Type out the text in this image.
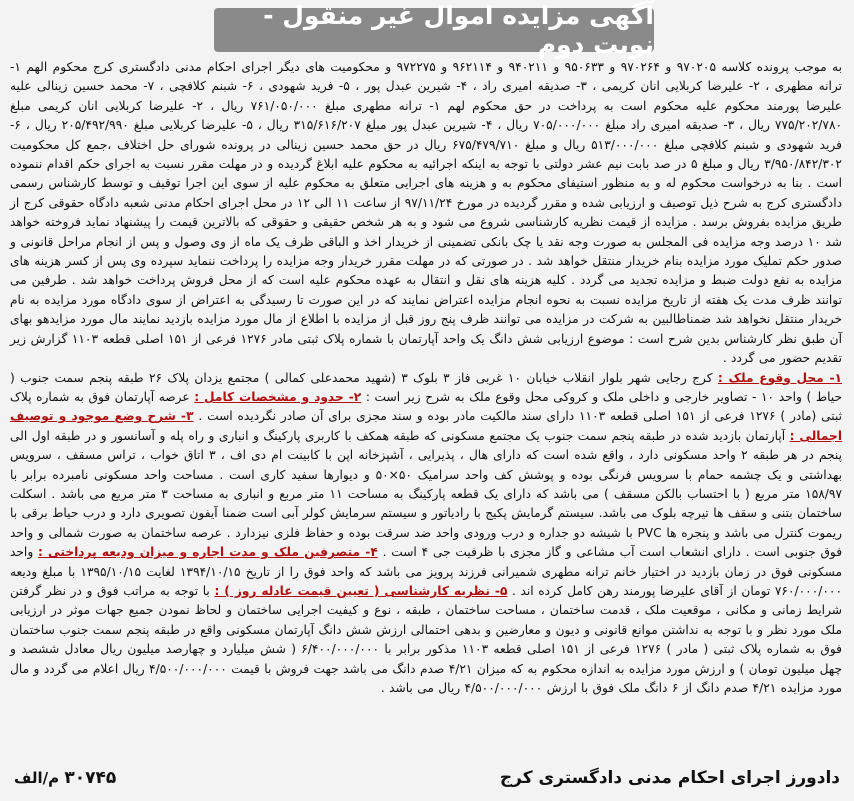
آگهی مزایده اموال غیر منقول - نوبت دوم

به موجب پرونده کلاسه ۹۷۰۲۰۵ و ۹۷۰۲۶۴ و ۹۵۰۶۳۳ و ۹۴۰۲۱۱ و ۹۶۲۱۱۴ و ۹۷۲۲۷۵ و محکومیت های دیگر اجرای احکام مدنی دادگستری کرج محکوم الهم ۱- ترانه مطهری ، ۲- علیرضا کربلایی انان کریمی ، ۳- صدیقه امیری راد ، ۴- شیرین عبدل پور ، ۵- فرید شهودی ، ۶- شبنم کلافچی ، ۷- محمد حسین زینالی علیه علیرضا پورمند محکوم علیه محکوم است به پرداخت در حق محکوم لهم ۱- ترانه مطهری مبلغ ۷۶۱/۰۵۰/۰۰۰ ریال ، ۲- علیرضا کربلایی انان کریمی مبلغ ۷۷۵/۲۰۲/۷۸۰ ریال ، ۳- صدیقه امیری راد مبلغ ۷۰۵/۰۰۰/۰۰۰ ریال ، ۴- شیرین عبدل پور مبلغ ۳۱۵/۶۱۶/۲۰۷ ریال ، ۵- علیرضا کربلایی مبلغ ۲۰۵/۴۹۲/۹۹۰ ریال ، ۶- فرید شهودی و شبنم کلافچی مبلغ ۵۱۳/۰۰۰/۰۰۰ ریال و مبلغ ۶۷۵/۴۷۹/۷۱۰ ریال در حق محمد حسین زینالی در پرونده شورای حل اختلاف ،جمع کل محکومیت ۳/۹۵۰/۸۴۲/۳۰۲ ریال و مبلغ ۵ در صد بابت نیم عشر دولتی با توجه به اینکه اجرائیه به محکوم علیه ابلاغ گردیده و در مهلت مقرر نسبت به اجرای حکم اقدام ننموده است . بنا به درخواست محکوم له و به منظور استیفای محکوم به و هزینه های اجرایی متعلق به محکوم علیه از سوی این اجرا توقیف و توسط کارشناس رسمی دادگستری کرج به شرح ذیل توصیف و ارزیابی شده و مقرر گردیده در مورخ ۹۷/۱۱/۲۴ از ساعت ۱۱ الی ۱۲ در محل اجرای احکام مدنی شعبه دادگاه حقوقی کرج از طریق مزایده بفروش برسد . مزایده از قیمت نظریه کارشناسی شروع می شود و به هر شخص حقیقی و حقوقی که بالاترین قیمت را پیشنهاد نماید فروخته خواهد شد ۱۰ درصد وجه مزایده فی المجلس به صورت وجه نقد یا چک بانکی تضمینی از خریدار اخذ و الباقی ظرف یک ماه از وی وصول و پس از انجام مراحل قانونی و صدور حکم تملیک مورد مزایده بنام خریدار منتقل خواهد شد . در صورتی که در مهلت مقرر خریدار وجه مزایده را پرداخت ننماید سپرده وی پس از کسر هزینه های مزایده به نفع دولت ضبط و مزایده تجدید می گردد . کلیه هزینه های نقل و انتقال به عهده محکوم علیه است که از محل فروش پرداخت خواهد شد . طرفین می توانند ظرف مدت یک هفته از تاریخ مزایده نسبت به نحوه انجام مزایده اعتراض نمایند که در این صورت تا رسیدگی به اعتراض از سوی دادگاه مورد مزایده به نام خریدار منتقل نخواهد شد ضمناطالبین به شرکت در مزایده می توانند ظرف پنج روز قبل از مزایده با اطلاع از مال مورد مزایده بازدید نمایند مال مورد مزایدهو بهای آن طبق نظر کارشناس بدین شرح است : موضوع ارزیابی شش دانگ یک واحد آپارتمان با شماره پلاک ثبتی مادر ۱۲۷۶ فرعی از ۱۵۱ اصلی قطعه ۱۱۰۳ گزارش زیر تقدیم حضور می گردد .

۱- محل وقوع ملک : کرج رجایی شهر بلوار انقلاب خیابان ۱۰ غربی فاز ۳ بلوک ۳ (شهید محمدعلی کمالی ) مجتمع یزدان پلاک ۲۶ طبقه پنجم سمت جنوب ( حیاط ) واحد ۱۰ - تصاویر خارجی و داخلی ملک و کروکی محل وقوع ملک به شرح زیر است : ۲- حدود و مشخصات کامل : عرصه آپارتمان فوق به شماره پلاک ثبتی (مادر ) ۱۲۷۶ فرعی از ۱۵۱ اصلی قطعه ۱۱۰۳ دارای سند مالکیت مادر بوده و سند مجزی برای آن صادر نگردیده است . ۳- شرح وضع موجود و توصیف اجمالی : آپارتمان بازدید شده در طبقه پنجم سمت جنوب یک مجتمع مسکونی که طبقه همکف با کاربری پارکینگ و انباری و راه پله و آسانسور و در طبقه اول الی پنجم در هر طبقه ۲ واحد مسکونی دارد ، واقع شده است که دارای هال ، پذیرایی ، آشپزخانه اپن با کابینت ام دی اف ، ۳ اتاق خواب ، تراس مسقف ، سرویس بهداشتی و یک چشمه حمام با سرویس فرنگی بوده و پوشش کف واحد سرامیک ۵۰×۵۰ و دیوارها سفید کاری است . مساحت واحد مسکونی نامبرده برابر با ۱۵۸/۹۷ متر مربع ( با احتساب بالکن مسقف ) می باشد که دارای یک قطعه پارکینگ به مساحت ۱۱ متر مربع و انباری به مساحت ۳ متر مربع می باشد . اسکلت ساختمان بتنی و سقف ها تیرچه بلوک می باشد. سیستم گرمایش پکیج با رادیاتور و سیستم سرمایش کولر آبی است ضمنا آیفون تصویری دارد و درب حیاط برقی با ریموت کنترل می باشد و پنجره ها PVC با شیشه دو جداره و درب ورودی واحد ضد سرقت بوده و حفاظ فلزی نیزدارد . عرصه ساختمان به صورت شمالی و واحد فوق جنوبی است . دارای انشعاب است آب مشاعی و گاز مجزی با ظرفیت جی ۴ است . ۴- متصرفین ملک و مدت اجاره و میزان ودیعه پرداختی : واحد مسکونی فوق در زمان بازدید در اختیار خانم ترانه مطهری شمیرانی فرزند پرویز می باشد که واحد فوق را از تاریخ ۱۳۹۴/۱۰/۱۵ لغایت ۱۳۹۵/۱۰/۱۵ با مبلغ ودیعه ۷۶۰/۰۰۰/۰۰۰ تومان از آقای علیرضا پورمند رهن کامل کرده اند . ۵- نظریه کارشناسی ( تعیین قیمت عادله روز ) : با توجه به مراتب فوق و در نظر گرفتن شرایط زمانی و مکانی ، موقعیت ملک ، قدمت ساختمان ، مساحت ساختمان ، طبقه ، نوع و کیفیت اجرایی ساختمان و لحاظ نمودن جمیع جهات موثر در ارزیابی ملک مورد نظر و با توجه به نداشتن موانع قانونی و دیون و معارضین و بدهی احتمالی ارزش شش دانگ آپارتمان مسکونی واقع در طبقه پنجم سمت جنوب ساختمان فوق به شماره پلاک ثبتی ( مادر ) ۱۲۷۶ فرعی از ۱۵۱ اصلی قطعه ۱۱۰۳ مذکور برابر با ۶/۴۰۰/۰۰۰/۰۰۰ ( شش میلیارد و چهارصد میلیون ریال معادل ششصد و چهل میلیون تومان ) و ارزش مورد مزایده به اندازه محکوم به که میزان ۴/۲۱ صدم دانگ می باشد جهت فروش با قیمت ۴/۵۰۰/۰۰۰/۰۰۰ ریال اعلام می گردد و مال مورد مزایده ۴/۲۱ صدم دانگ از ۶ دانگ ملک فوق با ارزش ۴/۵۰۰/۰۰۰/۰۰۰ ریال می باشد .

دادورز اجرای احکام مدنی دادگستری کرج
۳۰۷۴۵ م/الف
